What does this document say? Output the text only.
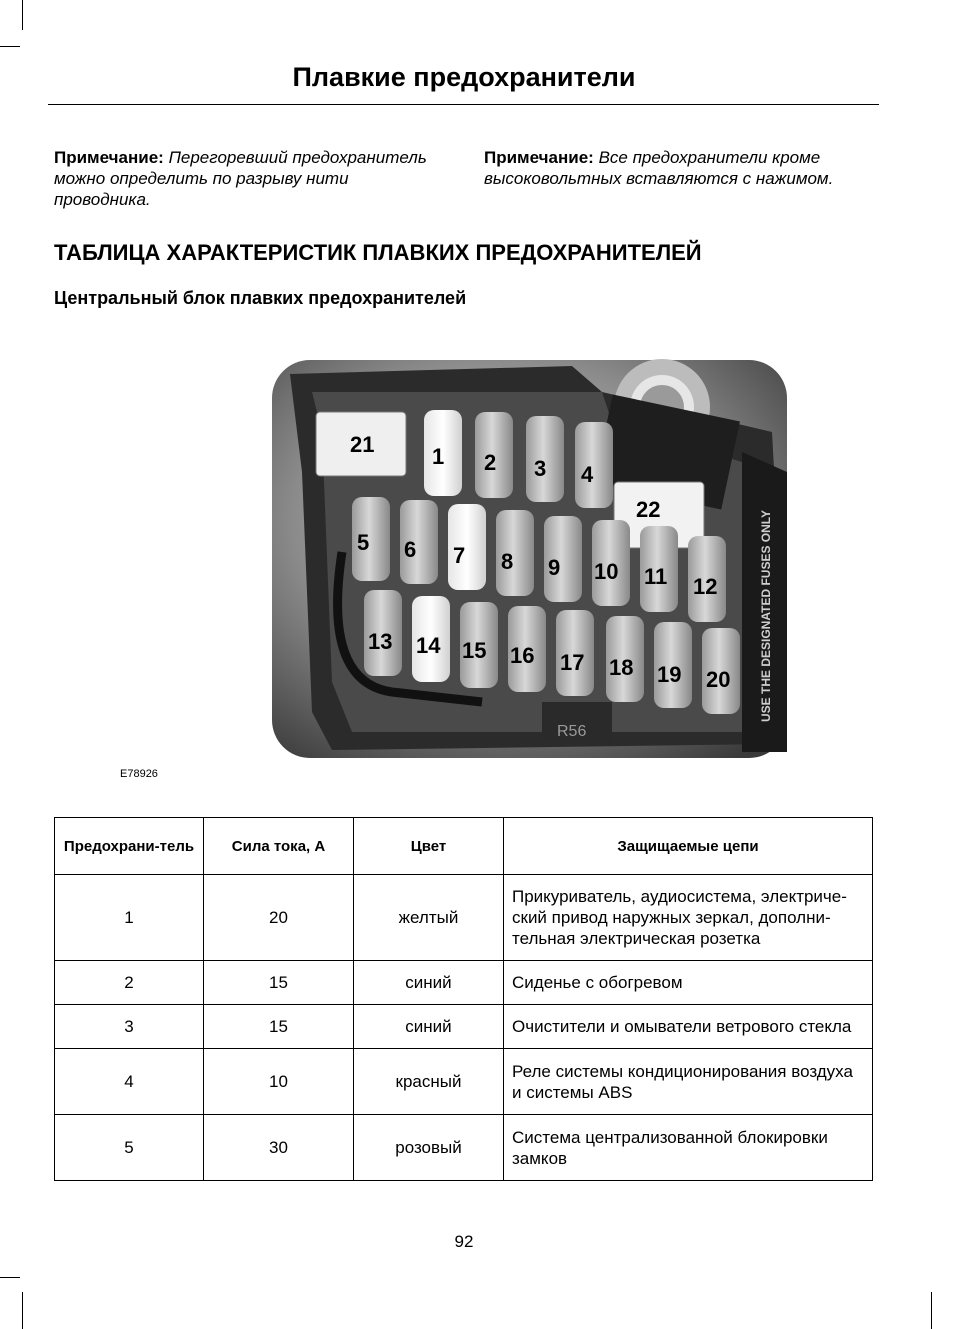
Плавкие предохранители
Примечание: Перегоревший предохранитель можно определить по разрыву нити проводника.
Примечание: Все предохранители кроме высоковольтных вставляются с нажимом.
ТАБЛИЦА ХАРАКТЕРИСТИК ПЛАВКИХ ПРЕДОХРАНИТЕЛЕЙ
Центральный блок плавких предохранителей
R56
USE THE DESIGNATED FUSES ONLY
21	1 2 3 4
22
5 6 7 8 9 10 11 12
13 14 15 16 17 18 19 20
E78926
Предохрани-тель	Сила тока, A	Цвет	Защищаемые цепи
1	20	желтый	Прикуриватель, аудиосистема, электриче-ский привод наружных зеркал, дополни-тельная электрическая розетка
2	15	синий	Сиденье с обогревом
3	15	синий	Очистители и омыватели ветрового стекла
4	10	красный	Реле системы кондиционирования воздуха и системы ABS
5	30	розовый	Система централизованной блокировки замков
92
